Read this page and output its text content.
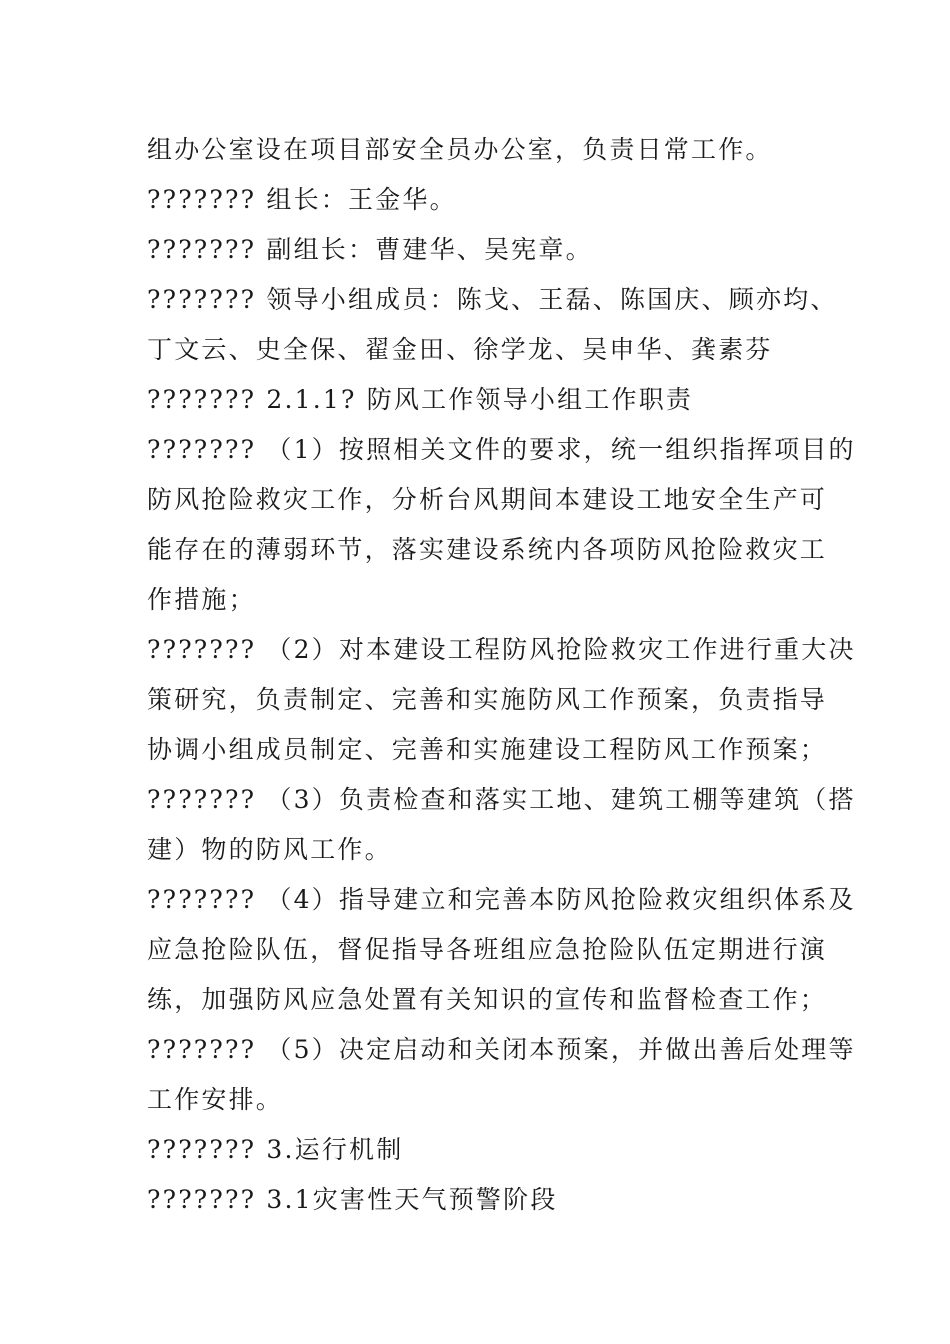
组办公室设在项目部安全员办公室，负责日常工作。
??????? 组长：王金华。
??????? 副组长：曹建华、吴宪章。
??????? 领导小组成员：陈戈、王磊、陈国庆、顾亦均、
丁文云、史全保、翟金田、徐学龙、吴申华、龚素芬
??????? 2.1.1? 防风工作领导小组工作职责
??????? （1）按照相关文件的要求，统一组织指挥项目的
防风抢险救灾工作，分析台风期间本建设工地安全生产可
能存在的薄弱环节，落实建设系统内各项防风抢险救灾工
作措施；
??????? （2）对本建设工程防风抢险救灾工作进行重大决
策研究，负责制定、完善和实施防风工作预案，负责指导
协调小组成员制定、完善和实施建设工程防风工作预案；
??????? （3）负责检查和落实工地、建筑工棚等建筑（搭
建）物的防风工作。
??????? （4）指导建立和完善本防风抢险救灾组织体系及
应急抢险队伍，督促指导各班组应急抢险队伍定期进行演
练，加强防风应急处置有关知识的宣传和监督检查工作；
??????? （5）决定启动和关闭本预案，并做出善后处理等
工作安排。
??????? 3.运行机制
??????? 3.1灾害性天气预警阶段
